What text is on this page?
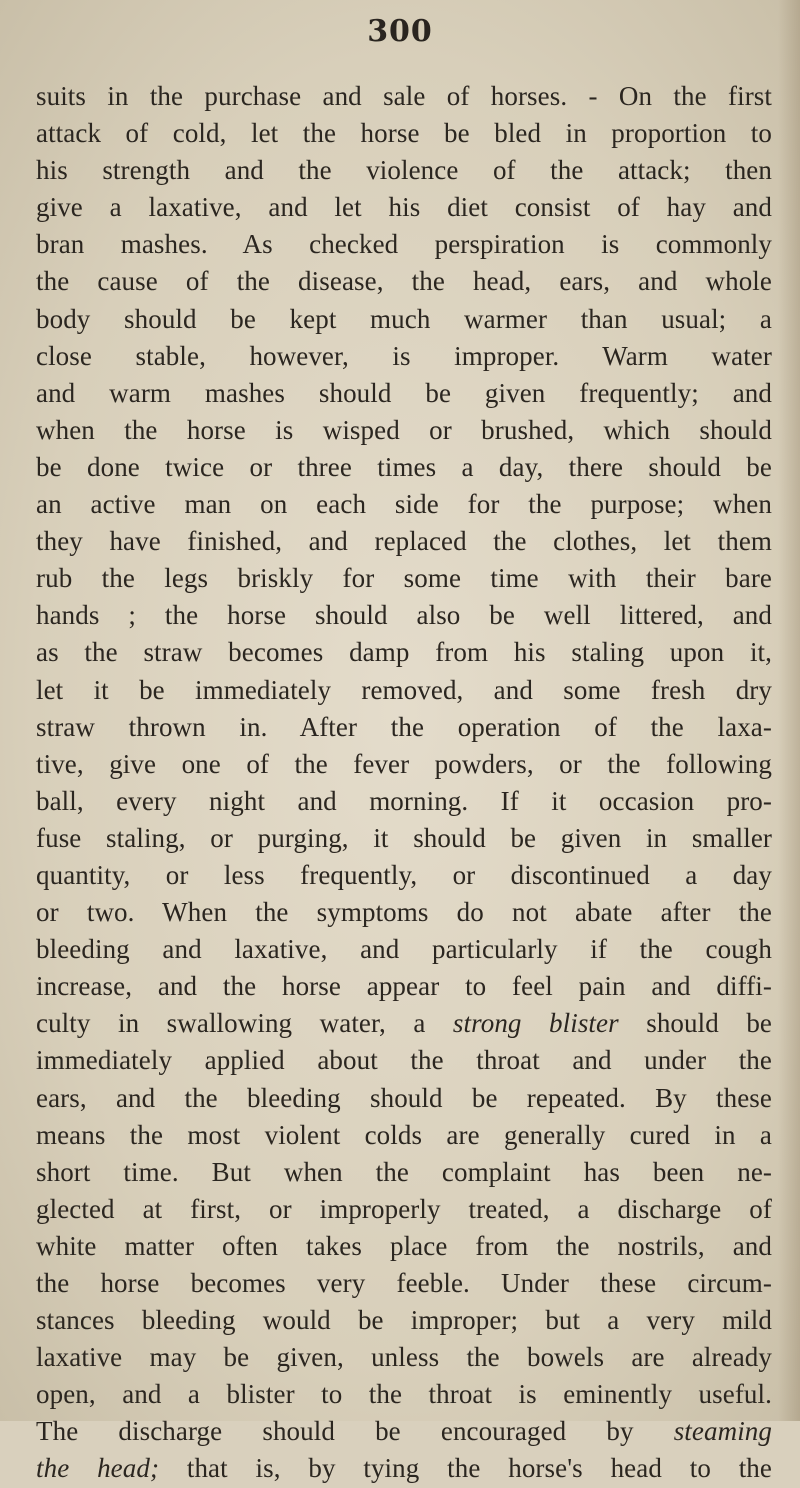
300
suits in the purchase and sale of horses. - On the first
attack of cold, let the horse be bled in proportion to
his strength and the violence of the attack; then
give a laxative, and let his diet consist of hay and
bran mashes. As checked perspiration is commonly
the cause of the disease, the head, ears, and whole
body should be kept much warmer than usual; a
close stable, however, is improper. Warm water
and warm mashes should be given frequently; and
when the horse is wisped or brushed, which should
be done twice or three times a day, there should be
an active man on each side for the purpose; when
they have finished, and replaced the clothes, let them
rub the legs briskly for some time with their bare
hands ; the horse should also be well littered, and
as the straw becomes damp from his staling upon it,
let it be immediately removed, and some fresh dry
straw thrown in. After the operation of the laxa-
tive, give one of the fever powders, or the following
ball, every night and morning. If it occasion pro-
fuse staling, or purging, it should be given in smaller
quantity, or less frequently, or discontinued a day
or two. When the symptoms do not abate after the
bleeding and laxative, and particularly if the cough
increase, and the horse appear to feel pain and diffi-
culty in swallowing water, a strong blister should be
immediately applied about the throat and under the
ears, and the bleeding should be repeated. By these
means the most violent colds are generally cured in a
short time. But when the complaint has been ne-
glected at first, or improperly treated, a discharge of
white matter often takes place from the nostrils, and
the horse becomes very feeble. Under these circum-
stances bleeding would be improper; but a very mild
laxative may be given, unless the bowels are already
open, and a blister to the throat is eminently useful.
The discharge should be encouraged by steaming
the head; that is, by tying the horse's head to the
